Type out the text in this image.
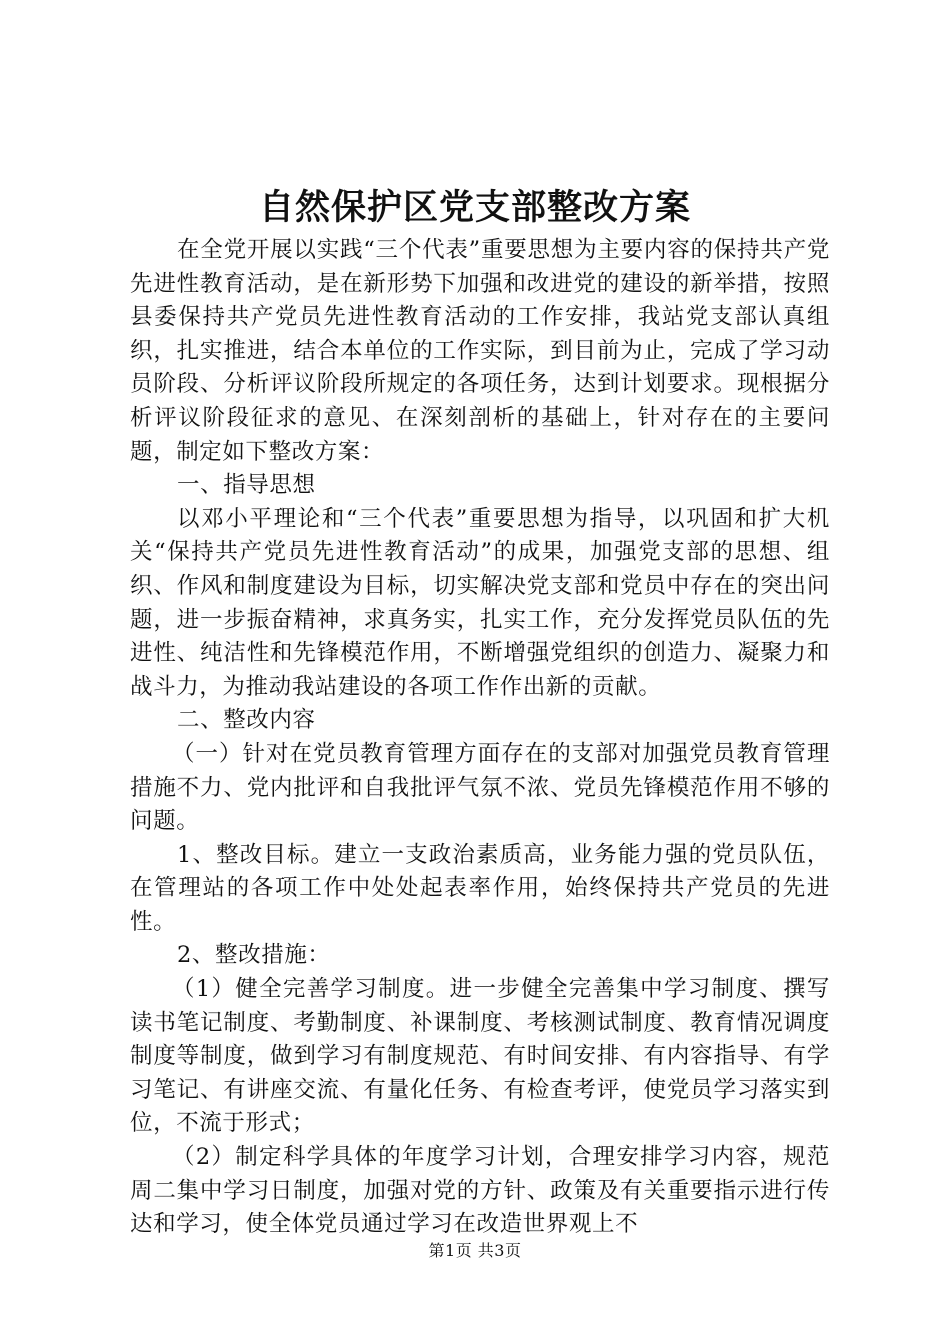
自然保护区党支部整改方案

在全党开展以实践“三个代表”重要思想为主要内容的保持共产党先进性教育活动，是在新形势下加强和改进党的建设的新举措，按照县委保持共产党员先进性教育活动的工作安排，我站党支部认真组织，扎实推进，结合本单位的工作实际，到目前为止，完成了学习动员阶段、分析评议阶段所规定的各项任务，达到计划要求。现根据分析评议阶段征求的意见、在深刻剖析的基础上，针对存在的主要问题，制定如下整改方案：

一、指导思想

以邓小平理论和“三个代表”重要思想为指导，以巩固和扩大机关“保持共产党员先进性教育活动”的成果，加强党支部的思想、组织、作风和制度建设为目标，切实解决党支部和党员中存在的突出问题，进一步振奋精神，求真务实，扎实工作，充分发挥党员队伍的先进性、纯洁性和先锋模范作用，不断增强党组织的创造力、凝聚力和战斗力，为推动我站建设的各项工作作出新的贡献。

二、整改内容

（一）针对在党员教育管理方面存在的支部对加强党员教育管理措施不力、党内批评和自我批评气氛不浓、党员先锋模范作用不够的问题。

1、整改目标。建立一支政治素质高，业务能力强的党员队伍，在管理站的各项工作中处处起表率作用，始终保持共产党员的先进性。

2、整改措施：

（1）健全完善学习制度。进一步健全完善集中学习制度、撰写读书笔记制度、考勤制度、补课制度、考核测试制度、教育情况调度制度等制度，做到学习有制度规范、有时间安排、有内容指导、有学习笔记、有讲座交流、有量化任务、有检查考评，使党员学习落实到位，不流于形式；

（2）制定科学具体的年度学习计划，合理安排学习内容，规范周二集中学习日制度，加强对党的方针、政策及有关重要指示进行传达和学习，使全体党员通过学习在改造世界观上不

第1页 共3页
